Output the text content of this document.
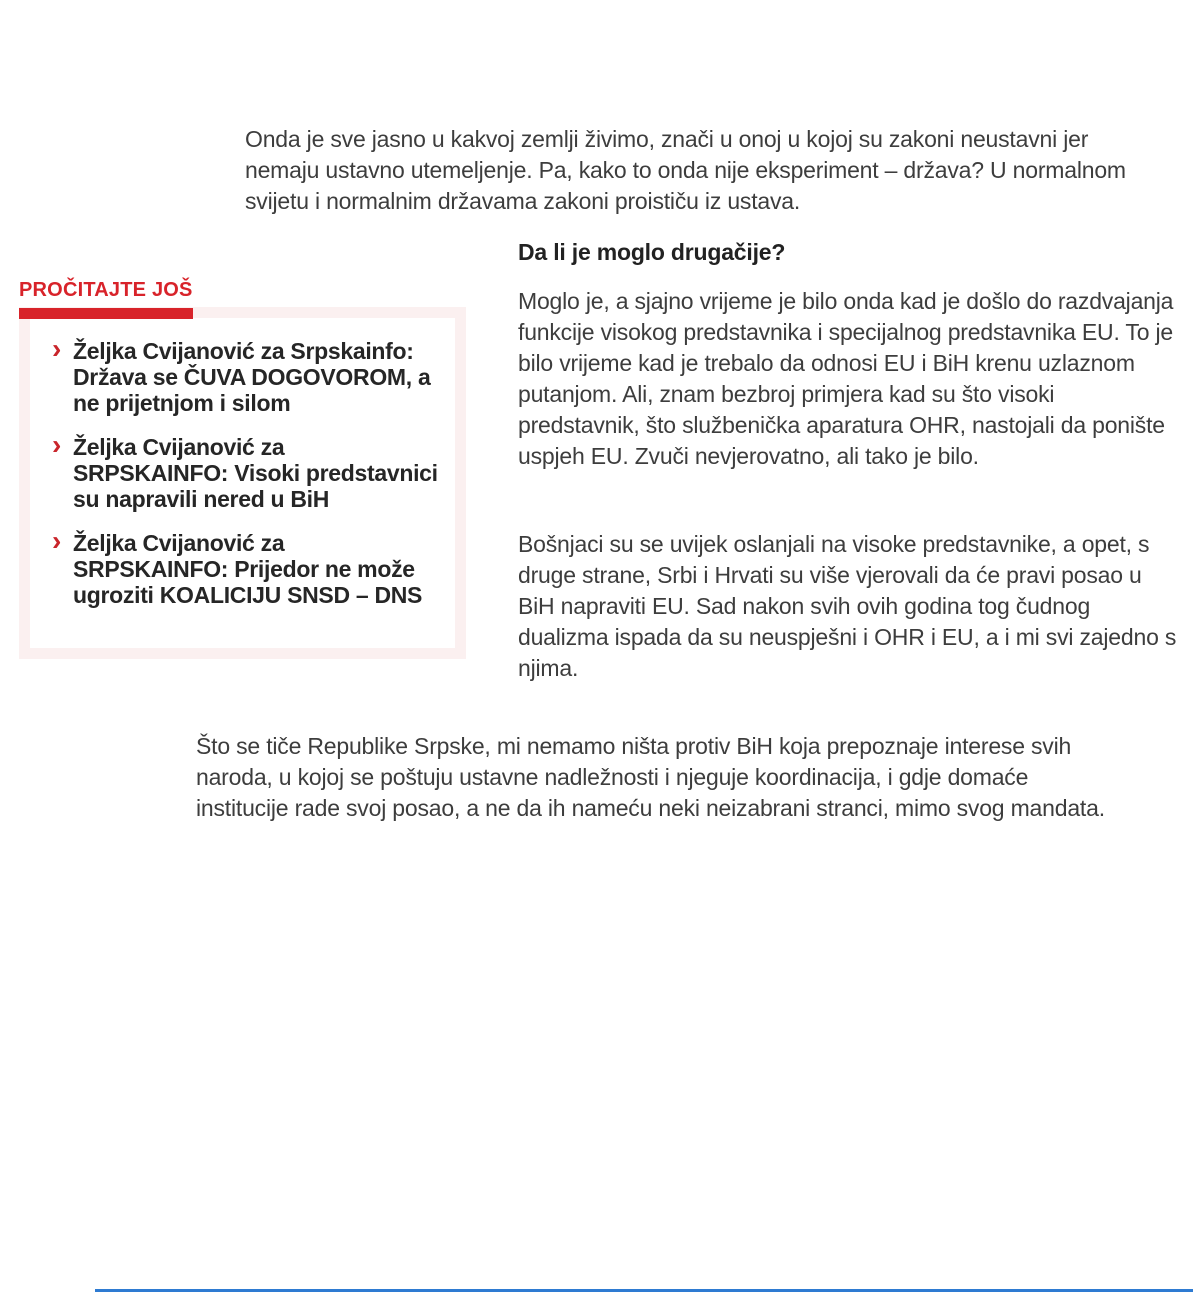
Onda je sve jasno u kakvoj zemlji živimo, znači u onoj u kojoj su zakoni neustavni jer nemaju ustavno utemeljenje. Pa, kako to onda nije eksperiment – država? U normalnom svijetu i normalnim državama zakoni proističu iz ustava.

Da li je moglo drugačije?
PROČITAJTE JOŠ
› Željka Cvijanović za Srpskainfo: Država se ČUVA DOGOVOROM, a ne prijetnjom i silom
› Željka Cvijanović za SRPSKAINFO: Visoki predstavnici su napravili nered u BiH
› Željka Cvijanović za SRPSKAINFO: Prijedor ne može ugroziti KOALICIJU SNSD – DNS

Moglo je, a sjajno vrijeme je bilo onda kad je došlo do razdvajanja funkcije visokog predstavnika i specijalnog predstavnika EU. To je bilo vrijeme kad je trebalo da odnosi EU i BiH krenu uzlaznom putanjom. Ali, znam bezbroj primjera kad su što visoki predstavnik, što službenička aparatura OHR, nastojali da ponište uspjeh EU. Zvuči nevjerovatno, ali tako je bilo.

Bošnjaci su se uvijek oslanjali na visoke predstavnike, a opet, s druge strane, Srbi i Hrvati su više vjerovali da će pravi posao u BiH napraviti EU. Sad nakon svih ovih godina tog čudnog dualizma ispada da su neuspješni i OHR i EU, a i mi svi zajedno s njima.

Što se tiče Republike Srpske, mi nemamo ništa protiv BiH koja prepoznaje interese svih naroda, u kojoj se poštuju ustavne nadležnosti i njeguje koordinacija, i gdje domaće institucije rade svoj posao, a ne da ih nameću neki neizabrani stranci, mimo svog mandata.
